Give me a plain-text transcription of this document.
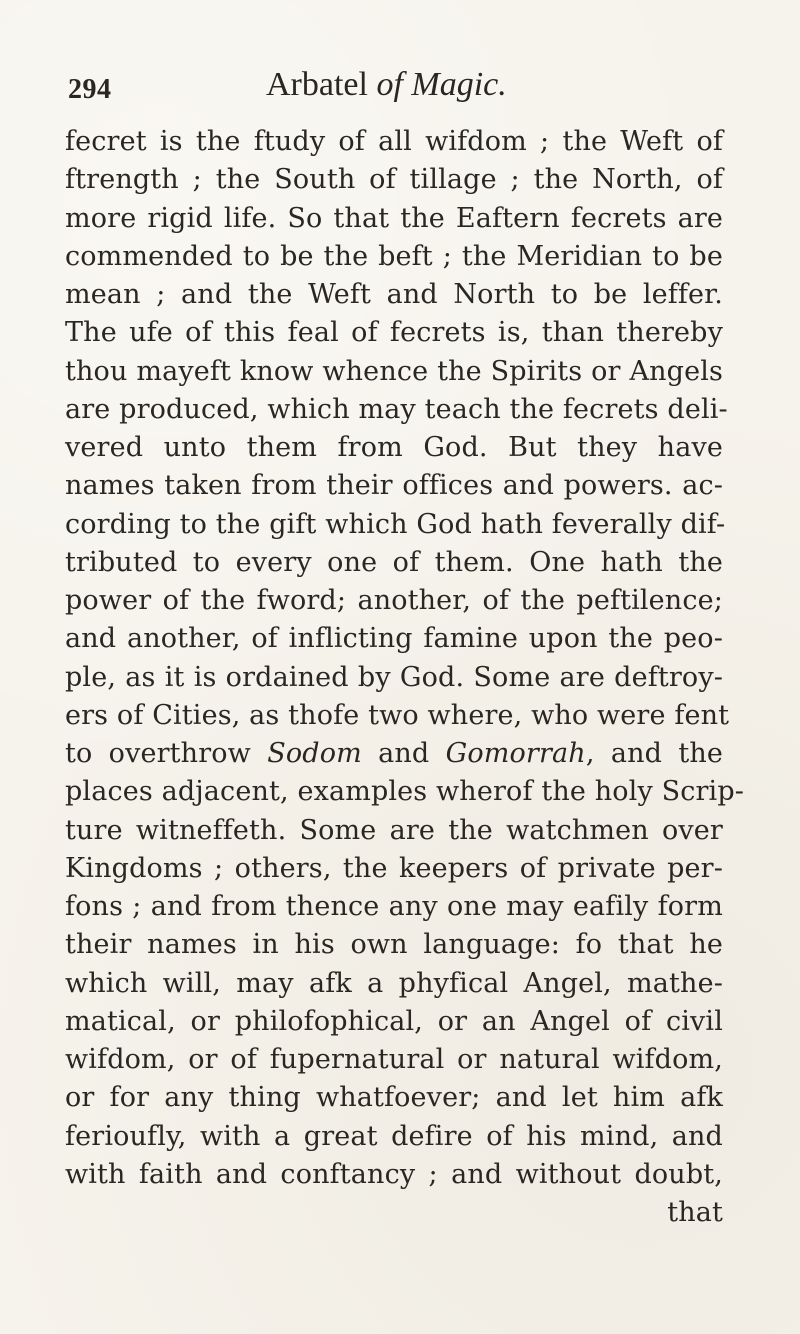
294	Arbatel of Magic.
fecret is the ftudy of all wifdom ; the Weft of
ftrength ; the South of tillage ; the North, of
more rigid life. So that the Eaftern fecrets are
commended to be the beft ; the Meridian to be
mean ; and the Weft and North to be leffer.
The ufe of this feal of fecrets is, than thereby
thou mayeft know whence the Spirits or Angels
are produced, which may teach the fecrets deli-
vered unto them from God. But they have
names taken from their offices and powers. ac-
cording to the gift which God hath feverally dif-
tributed to every one of them. One hath the
power of the fword; another, of the peftilence;
and another, of inflicting famine upon the peo-
ple, as it is ordained by God. Some are deftroy-
ers of Cities, as thofe two where, who were fent
to overthrow Sodom and Gomorrah, and the
places adjacent, examples wherof the holy Scrip-
ture witneffeth. Some are the watchmen over
Kingdoms ; others, the keepers of private per-
fons ; and from thence any one may eafily form
their names in his own language: fo that he
which will, may afk a phyfical Angel, mathe-
matical, or philofophical, or an Angel of civil
wifdom, or of fupernatural or natural wifdom,
or for any thing whatfoever; and let him afk
ferioufly, with a great defire of his mind, and
with faith and conftancy ; and without doubt,
that
